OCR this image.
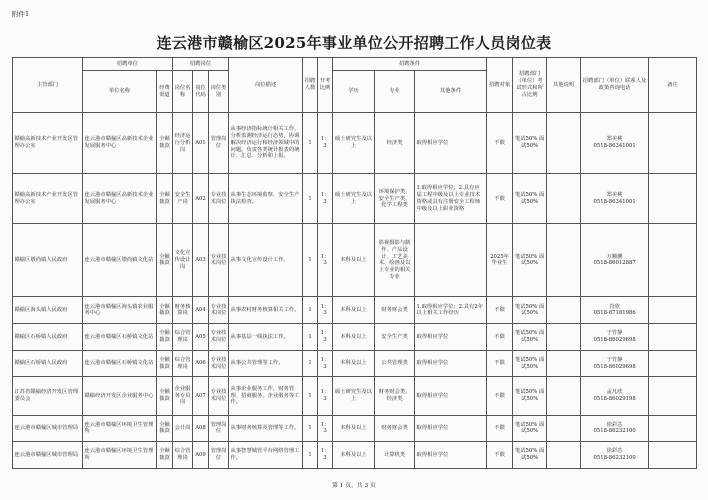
附件1
连云港市赣榆区2025年事业单位公开招聘工作人员岗位表
主管部门	招聘单位		招聘岗位			岗位描述	招聘人数	开考比例	招聘条件			招聘对象	招聘部门（单位）考试形式和所占比例	其他说明	招聘部门（单位）联系人及政策咨询电话	备注
	单位名称	经费渠道	岗位名称	岗位代码	岗位类别				学历	专业	其他条件					
赣榆高新技术产业开发区管理办公室	连云港市赣榆区高新技术企业发展服务中心	全额拨款	经济运行分析岗	A01	管理岗位	从事经济指标统计相关工作，分析监测经济运行态势，协调解决经济运行和经济领域中的问题。负责各类统计报表的统计、汇总、分析和上报。	1	1：3	硕士研究生及以上	经济类	取得相应学位	不限	笔试50% 面试50%		郑美桃
0518-86341001	

赣榆高新技术产业开发区管理办公室	连云港市赣榆区高新技术企业发展服务中心	全额拨款	安全生产岗	A02	专业技术岗位	从事生态环境监察、安全生产执法检查。	1	1：3	硕士研究生及以上	环境保护类、安全生产类、化学工程类	1.取得相应学位；2.具有应届工程中级及以上专业技术资格或具有注册安全工程师中级及以上职业资格	不限	笔试50% 面试50%		郑美桃
0518-86341001	

赣榆区墩尚镇人民政府	连云港市赣榆区墩尚镇文化站	全额拨款	文化宣传设计岗	A03	专业技术岗位	从事文化宣传设计工作。	1	1：3	本科及以上	影视摄影与制作、产品设计、工艺美术、绘画及以上专业的相关专业		2025年毕业生	笔试50% 面试50%		万顺鹏
0518-86012887	

赣榆区海头镇人民政府	连云港市赣榆区海头镇农业服务中心	全额拨款	财务核算岗	A04	专业技术岗位	从事农村财务核算相关工作。	1	1：3	本科及以上	财务财会类	1.取得相应学位；2.具有2年以上相关工作经历	不限	笔试50% 面试50%		肖欣
0518-87181986	

赣榆区石桥镇人民政府	连云港市赣榆区石桥镇文化站	全额拨款	综合管理岗	A05	专业技术岗位	从事基层一线执法工作。	1	1：3	本科及以上	安全生产类	取得相应学位	不限	笔试50% 面试50%		于竹静
0518-86029698	

赣榆区石桥镇人民政府	连云港市赣榆区石桥镇文化站	全额拨款	综合管理岗	A06	专业技术岗位	从事公共管理等工作。	1	1：3	本科及以上	公共管理类	取得相应学位	不限	笔试50% 面试50%		于竹静
0518-86029698	

江苏省赣榆经济开发区管理委员会	赣榆经济开发区企业服务中心	全额拨款	企业服务专员岗	A07	专业技术岗位	从事企业服务工作，财务管理、招商服务、企业服务等工作。	1	1：3	硕士研究生及以上	财务财会类、经济类	取得相应学位	不限	笔试50% 面试50%		孟凡欣
0518-86029198	

连云港市赣榆区城市管理局	连云港市赣榆区环境卫生管理所	全额拨款	会计岗	A08	管理岗位	从事财务核算及管理等工作。	1	1：3	本科及以上	财务财会类	取得相应学位	不限	笔试50% 面试50%		徐彩芯
0518-86232100	

连云港市赣榆区城市管理局	连云港市赣榆区环境卫生管理所	全额拨款	综合管理岗	A09	管理岗位	从事智慧城管平台网络管理工作。	1	1：3	本科及以上	计算机类	取得相应学位	不限	笔试50% 面试50%		徐彩芯
0518-86232100	

第 1 页，共 3 页
